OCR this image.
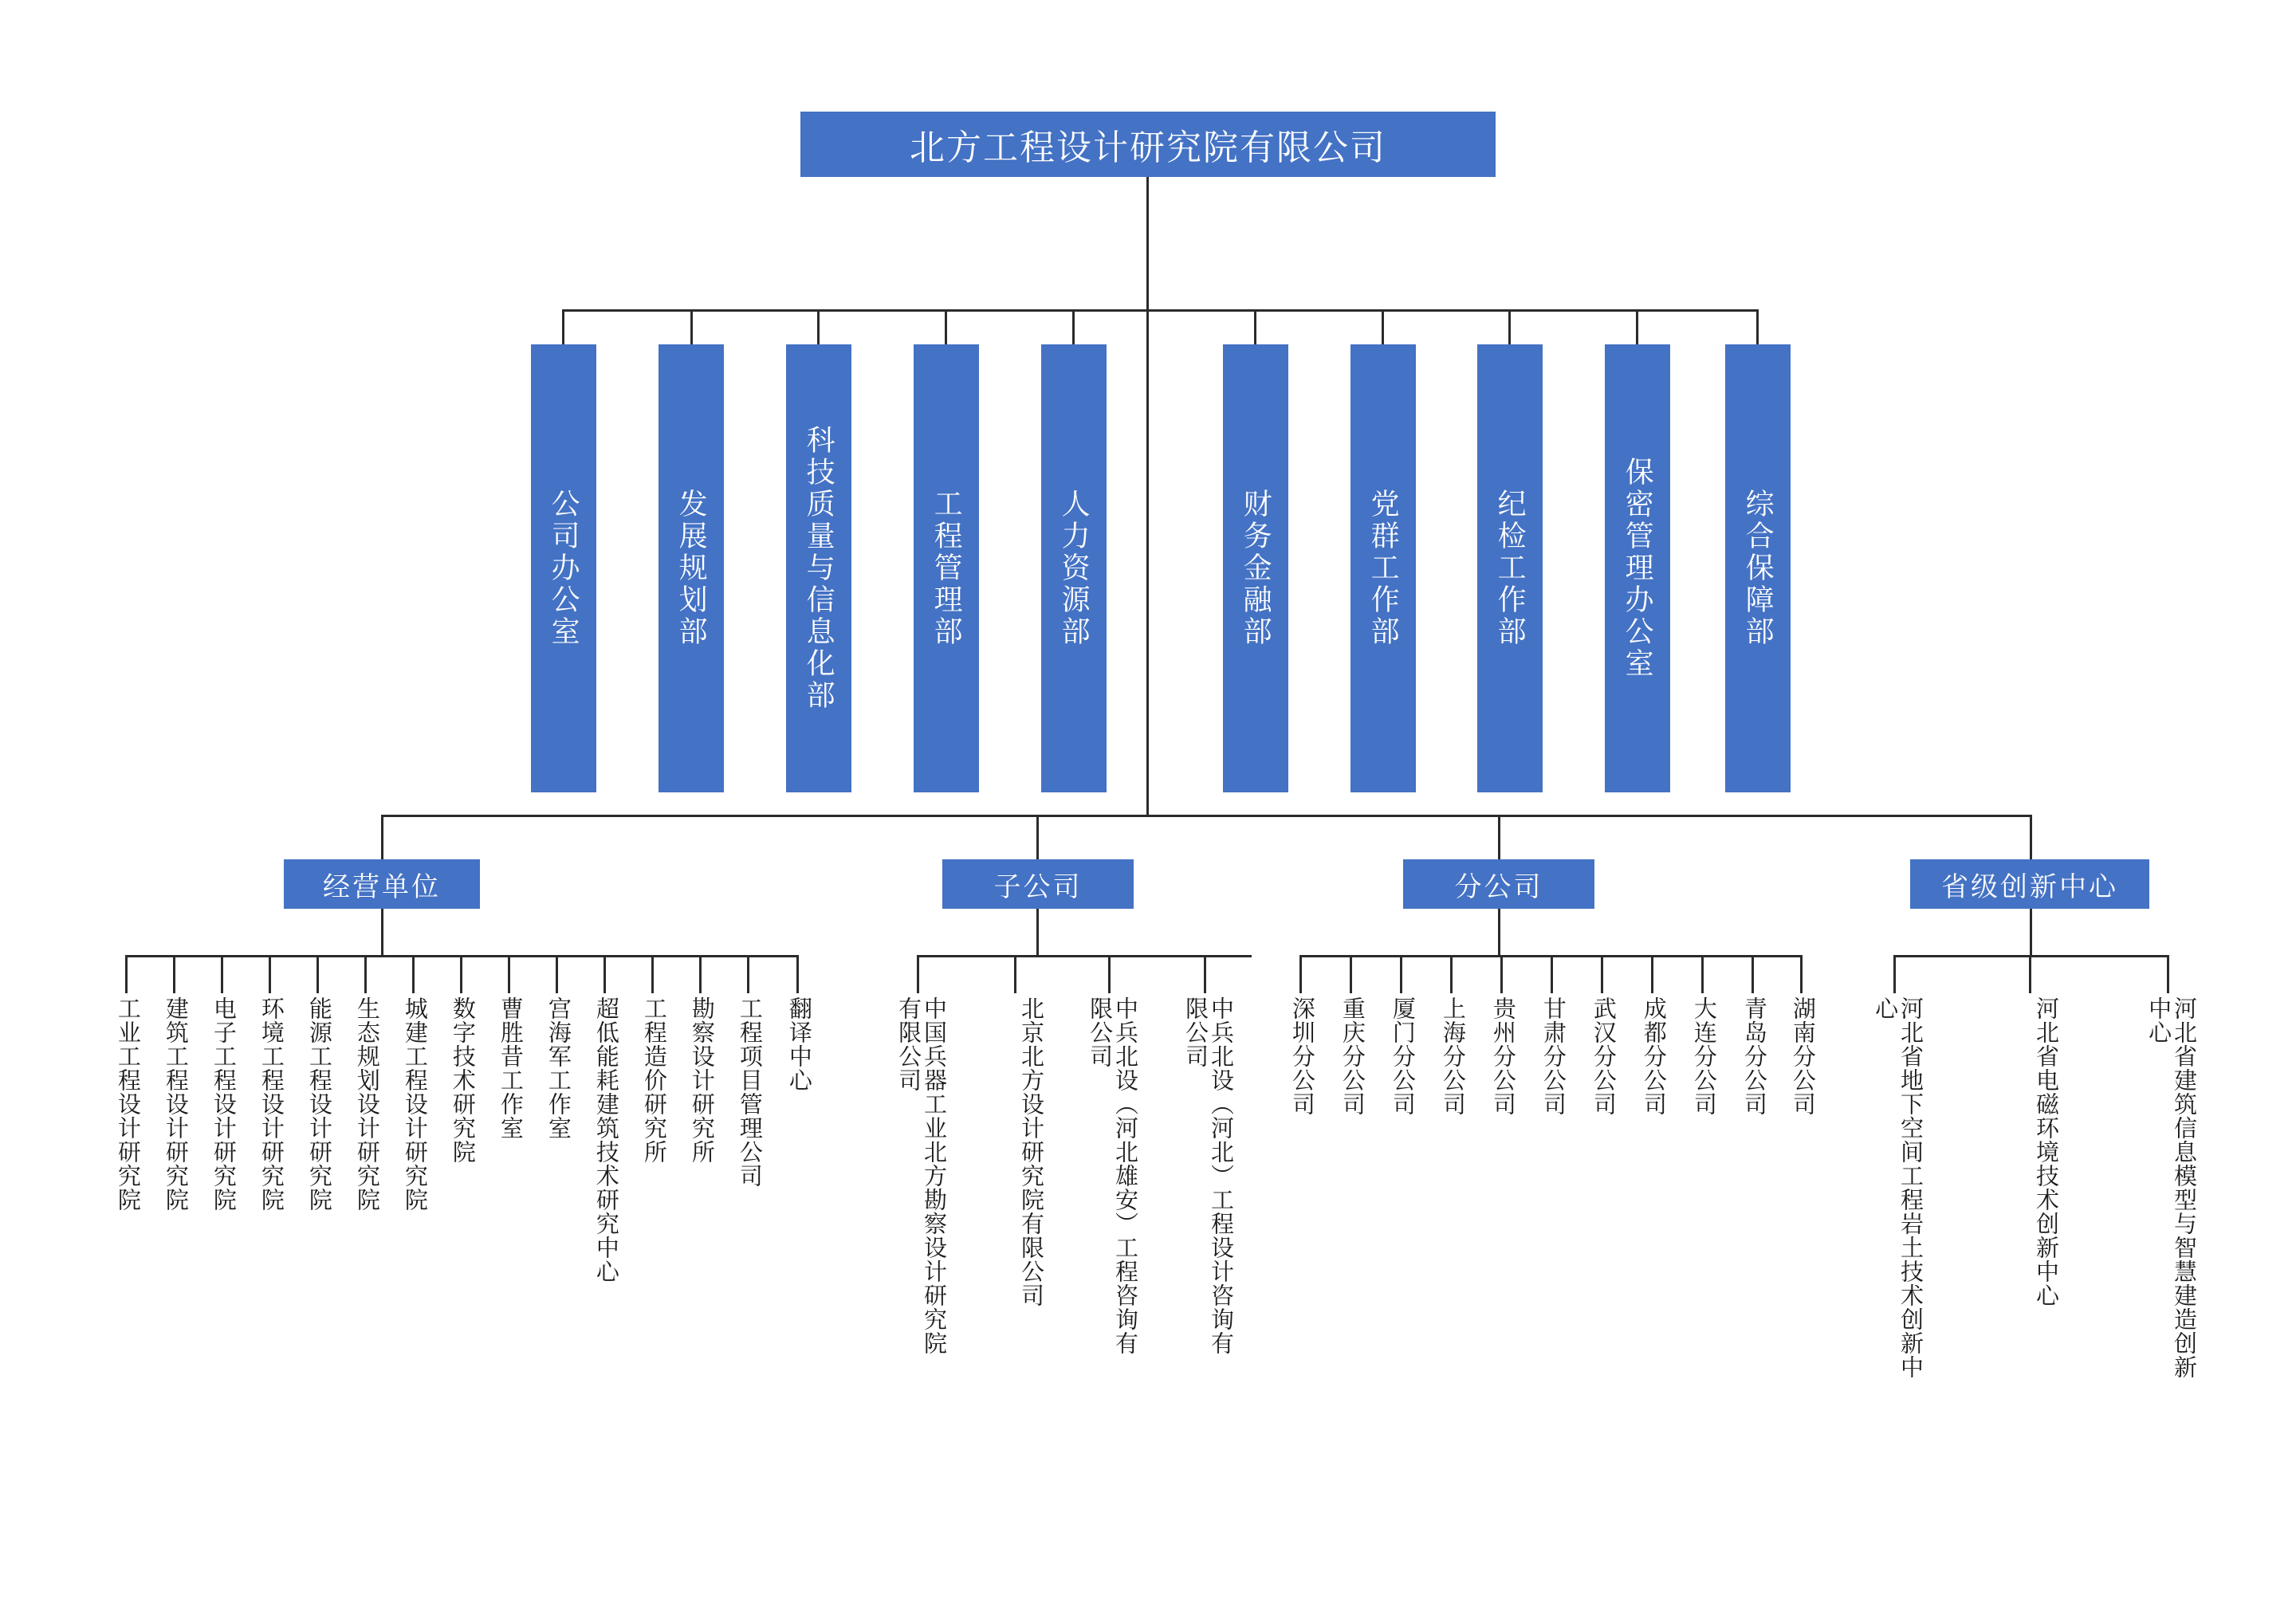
北方工程设计研究院有限公司
公司办公室	发展规划部	科技质量与信息化部	工程管理部	人力资源部	财务金融部	党群工作部	纪检工作部	保密管理办公室	综合保障部
经营单位	子公司	分公司	省级创新中心
工业工程设计研究院 建筑工程设计研究院 电子工程设计研究院 环境工程设计研究院 能源工程设计研究院 生态规划设计研究院 城建工程设计研究院 数字技术研究院 曹胜昔工作室 宫海军工作室 超低能耗建筑技术研究中心 工程造价研究所 勘察设计研究所 工程项目管理公司 翻译中心	中国兵器工业北方勘察设计研究院有限公司	北京北方设计研究院有限公司	中兵北设（河北雄安）工程咨询有限公司	中兵北设（河北）工程设计咨询有限公司	深圳分公司 重庆分公司 厦门分公司 上海分公司 贵州分公司 甘肃分公司 武汉分公司 成都分公司 大连分公司 青岛分公司 湖南分公司	河北省地下空间工程岩土技术创新中心	河北省电磁环境技术创新中心	河北省建筑信息模型与智慧建造创新中心
